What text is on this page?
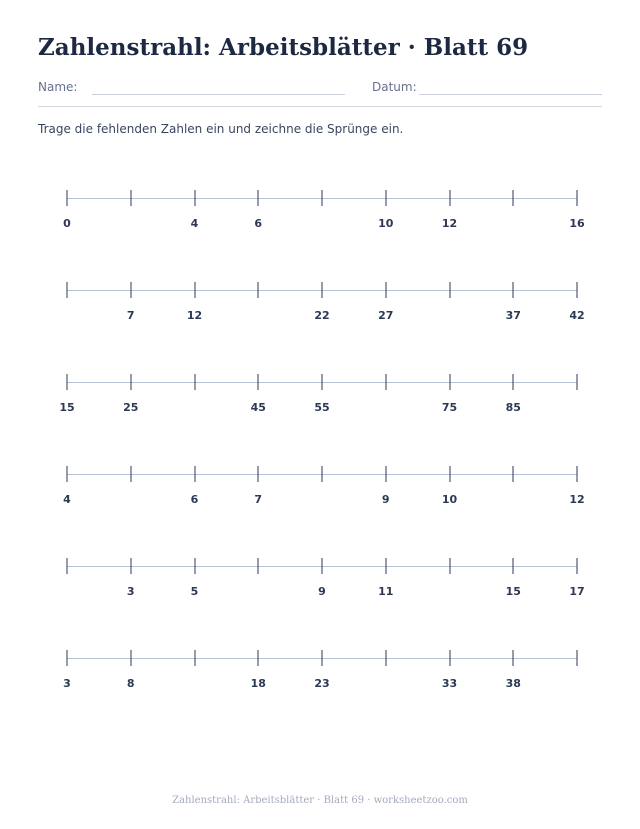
Zahlenstrahl: Arbeitsblätter · Blatt 69
Name:	Datum:
Trage die fehlenden Zahlen ein und zeichne die Sprünge ein.
0	4	6	10	12	16
7	12	22	27	37	42
15	25	45	55	75	85
4	6	7	9	10	12
3	5	9	11	15	17
3	8	18	23	33	38
Zahlenstrahl: Arbeitsblätter · Blatt 69 · worksheetzoo.com
